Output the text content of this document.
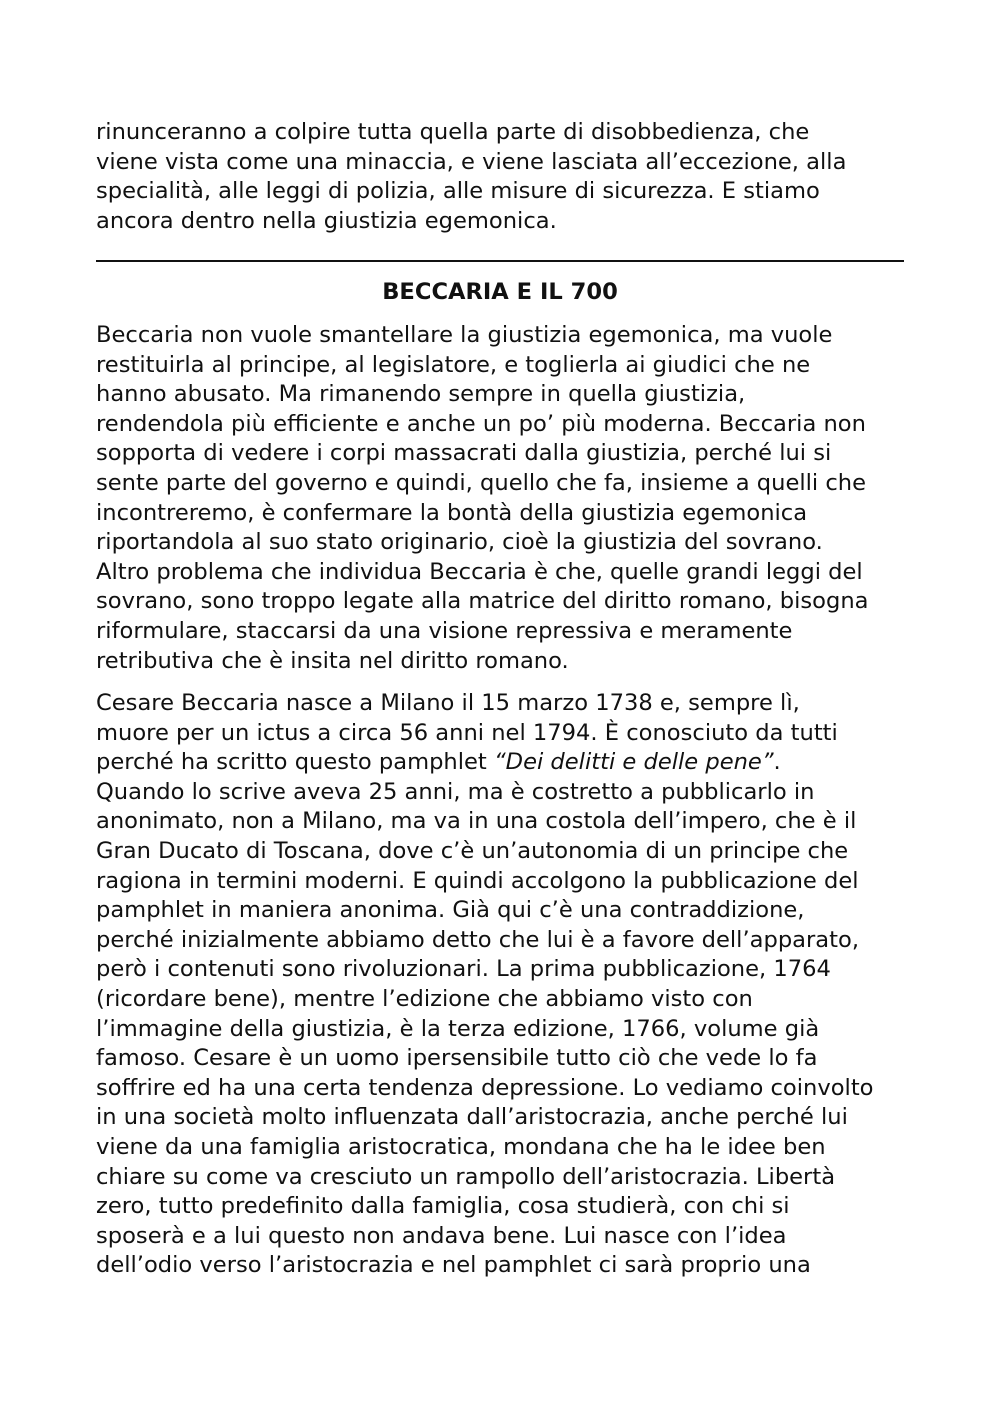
rinunceranno a colpire tutta quella parte di disobbedienza, che
viene vista come una minaccia, e viene lasciata all’eccezione, alla
specialità, alle leggi di polizia, alle misure di sicurezza. E stiamo
ancora dentro nella giustizia egemonica.

BECCARIA E IL 700

Beccaria non vuole smantellare la giustizia egemonica, ma vuole
restituirla al principe, al legislatore, e toglierla ai giudici che ne
hanno abusato. Ma rimanendo sempre in quella giustizia,
rendendola più efficiente e anche un po’ più moderna. Beccaria non
sopporta di vedere i corpi massacrati dalla giustizia, perché lui si
sente parte del governo e quindi, quello che fa, insieme a quelli che
incontreremo, è confermare la bontà della giustizia egemonica
riportandola al suo stato originario, cioè la giustizia del sovrano.
Altro problema che individua Beccaria è che, quelle grandi leggi del
sovrano, sono troppo legate alla matrice del diritto romano, bisogna
riformulare, staccarsi da una visione repressiva e meramente
retributiva che è insita nel diritto romano.

Cesare Beccaria nasce a Milano il 15 marzo 1738 e, sempre lì,
muore per un ictus a circa 56 anni nel 1794. È conosciuto da tutti
perché ha scritto questo pamphlet “Dei delitti e delle pene”.
Quando lo scrive aveva 25 anni, ma è costretto a pubblicarlo in
anonimato, non a Milano, ma va in una costola dell’impero, che è il
Gran Ducato di Toscana, dove c’è un’autonomia di un principe che
ragiona in termini moderni. E quindi accolgono la pubblicazione del
pamphlet in maniera anonima. Già qui c’è una contraddizione,
perché inizialmente abbiamo detto che lui è a favore dell’apparato,
però i contenuti sono rivoluzionari. La prima pubblicazione, 1764
(ricordare bene), mentre l’edizione che abbiamo visto con
l’immagine della giustizia, è la terza edizione, 1766, volume già
famoso. Cesare è un uomo ipersensibile tutto ciò che vede lo fa
soffrire ed ha una certa tendenza depressione. Lo vediamo coinvolto
in una società molto influenzata dall’aristocrazia, anche perché lui
viene da una famiglia aristocratica, mondana che ha le idee ben
chiare su come va cresciuto un rampollo dell’aristocrazia. Libertà
zero, tutto predefinito dalla famiglia, cosa studierà, con chi si
sposerà e a lui questo non andava bene. Lui nasce con l’idea
dell’odio verso l’aristocrazia e nel pamphlet ci sarà proprio una
